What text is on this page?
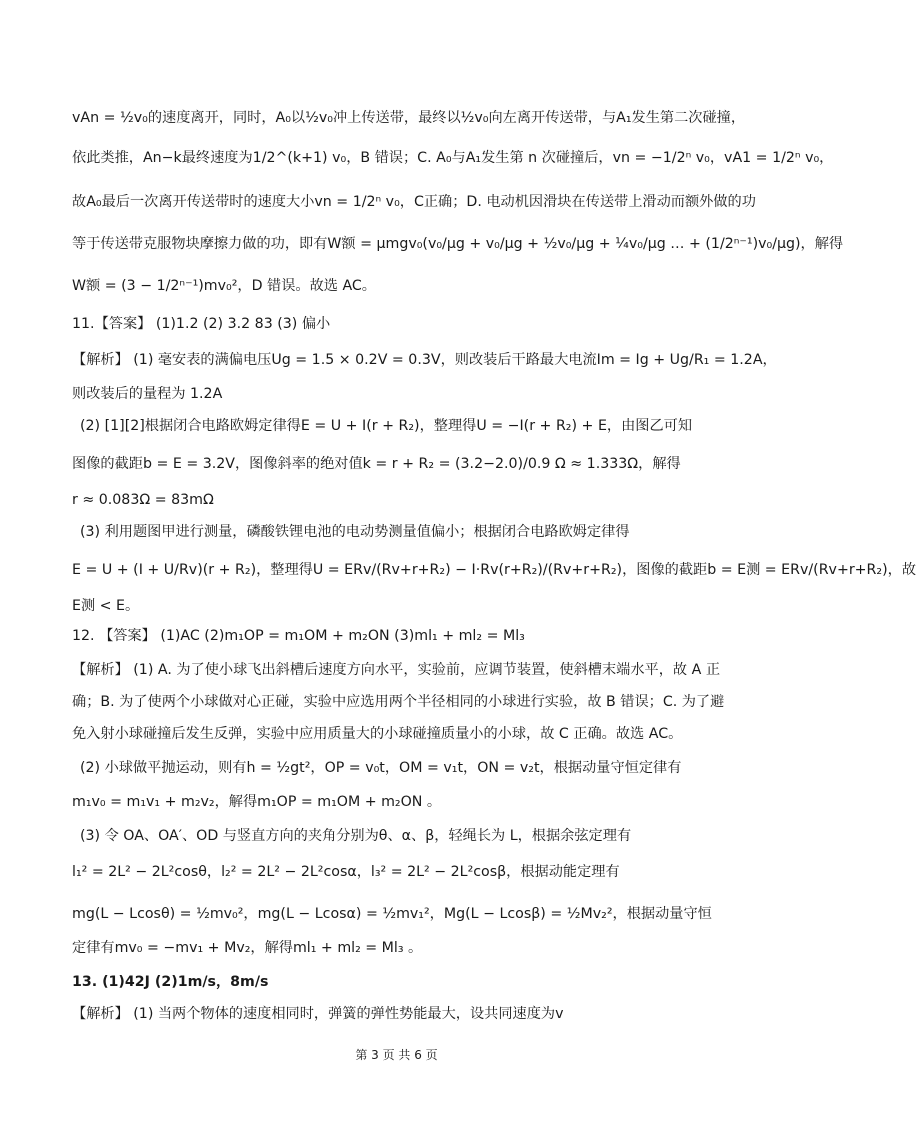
vAn = ½v₀的速度离开，同时，A₀以½v₀冲上传送带，最终以½v₀向左离开传送带，与A₁发生第二次碰撞，
依此类推，An−k最终速度为1/2^(k+1) v₀，B 错误；C. A₀与A₁发生第 n 次碰撞后，vn = −1/2ⁿ v₀，vA1 = 1/2ⁿ v₀，
故A₀最后一次离开传送带时的速度大小vn = 1/2ⁿ v₀，C正确；D. 电动机因滑块在传送带上滑动而额外做的功
等于传送带克服物块摩擦力做的功，即有W额 = μmgv₀(v₀/μg + v₀/μg + ½v₀/μg + ¼v₀/μg … + (1/2ⁿ⁻¹)v₀/μg)，解得
W额 = (3 − 1/2ⁿ⁻¹)mv₀²，D 错误。故选 AC。
11.【答案】 (1)1.2 (2) 3.2 83 (3) 偏小
【解析】 (1) 毫安表的满偏电压Ug = 1.5 × 0.2V = 0.3V，则改装后干路最大电流Im = Ig + Ug/R₁ = 1.2A，
则改装后的量程为 1.2A
(2) [1][2]根据闭合电路欧姆定律得E = U + I(r + R₂)，整理得U = −I(r + R₂) + E，由图乙可知
图像的截距b = E = 3.2V，图像斜率的绝对值k = r + R₂ = (3.2−2.0)/0.9 Ω ≈ 1.333Ω，解得
r ≈ 0.083Ω = 83mΩ
(3) 利用题图甲进行测量，磷酸铁锂电池的电动势测量值偏小；根据闭合电路欧姆定律得
E = U + (I + U/Rv)(r + R₂)，整理得U = ERv/(Rv+r+R₂) − I·Rv(r+R₂)/(Rv+r+R₂)，图像的截距b = E测 = ERv/(Rv+r+R₂)，故
E测 < E。
12. 【答案】 (1)AC (2)m₁OP = m₁OM + m₂ON (3)ml₁ + ml₂ = Ml₃
【解析】 (1) A. 为了使小球飞出斜槽后速度方向水平，实验前，应调节装置，使斜槽末端水平，故 A 正
确；B. 为了使两个小球做对心正碰，实验中应选用两个半径相同的小球进行实验，故 B 错误；C. 为了避
免入射小球碰撞后发生反弹，实验中应用质量大的小球碰撞质量小的小球，故 C 正确。故选 AC。
(2) 小球做平抛运动，则有h = ½gt²，OP = v₀t，OM = v₁t，ON = v₂t，根据动量守恒定律有
m₁v₀ = m₁v₁ + m₂v₂，解得m₁OP = m₁OM + m₂ON 。
(3) 令 OA、OA′、OD 与竖直方向的夹角分别为θ、α、β，轻绳长为 L，根据余弦定理有
l₁² = 2L² − 2L²cosθ，l₂² = 2L² − 2L²cosα，l₃² = 2L² − 2L²cosβ，根据动能定理有
mg(L − Lcosθ) = ½mv₀²，mg(L − Lcosα) = ½mv₁²，Mg(L − Lcosβ) = ½Mv₂²，根据动量守恒
定律有mv₀ = −mv₁ + Mv₂，解得ml₁ + ml₂ = Ml₃ 。
13. (1)42J (2)1m/s，8m/s
【解析】 (1) 当两个物体的速度相同时，弹簧的弹性势能最大，设共同速度为v
第 3 页 共 6 页
